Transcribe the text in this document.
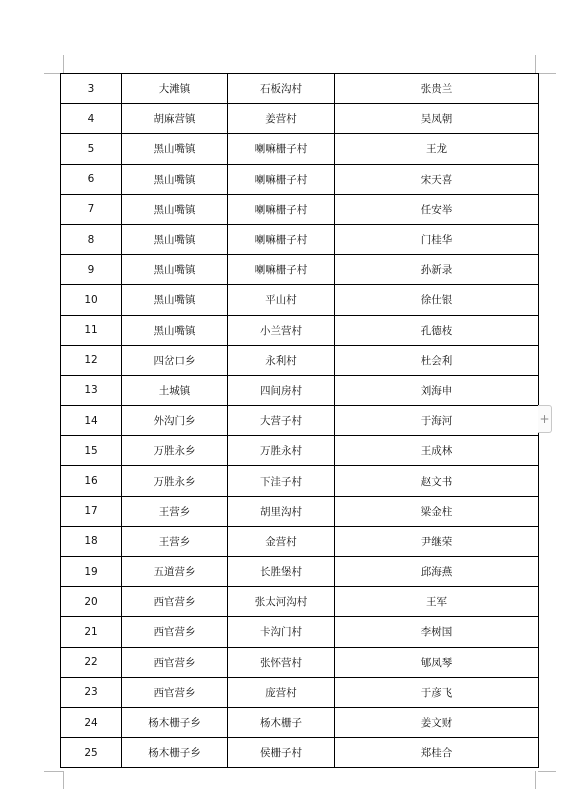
3	大滩镇	石板沟村	张贵兰
4	胡麻营镇	姜营村	吴凤朝
5	黑山嘴镇	喇嘛栅子村	王龙
6	黑山嘴镇	喇嘛栅子村	宋天喜
7	黑山嘴镇	喇嘛栅子村	任安举
8	黑山嘴镇	喇嘛栅子村	门桂华
9	黑山嘴镇	喇嘛栅子村	孙新录
10	黑山嘴镇	平山村	徐仕银
11	黑山嘴镇	小兰营村	孔德枝
12	四岔口乡	永利村	杜会利
13	土城镇	四间房村	刘海申
14	外沟门乡	大营子村	于海河
15	万胜永乡	万胜永村	王成林
16	万胜永乡	下洼子村	赵文书
17	王营乡	胡里沟村	梁金柱
18	王营乡	金营村	尹继荣
19	五道营乡	长胜堡村	邱海燕
20	西官营乡	张太河沟村	王军
21	西官营乡	卡沟门村	李树国
22	西官营乡	张怀营村	郇凤琴
23	西官营乡	庞营村	于彦飞
24	杨木栅子乡	杨木栅子	姜文财
25	杨木栅子乡	侯栅子村	郑桂合
+
